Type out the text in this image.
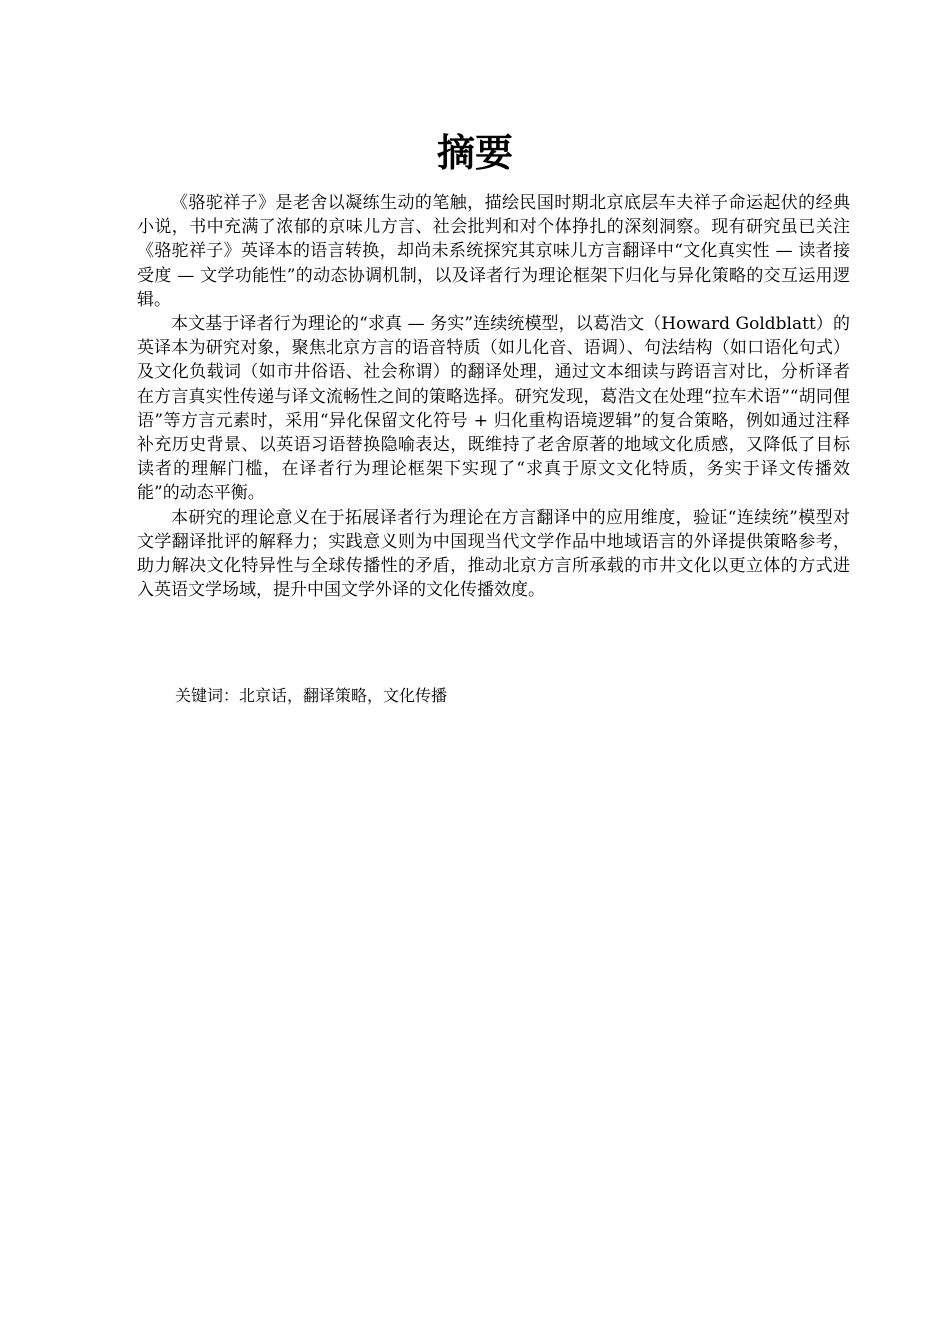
摘要

《骆驼祥子》是老舍以凝练生动的笔触，描绘民国时期北京底层车夫祥子命运起伏的经典小说，书中充满了浓郁的京味儿方言、社会批判和对个体挣扎的深刻洞察。现有研究虽已关注《骆驼祥子》英译本的语言转换，却尚未系统探究其京味儿方言翻译中“文化真实性 — 读者接受度 — 文学功能性”的动态协调机制，以及译者行为理论框架下归化与异化策略的交互运用逻辑。

本文基于译者行为理论的“求真 — 务实”连续统模型，以葛浩文（Howard Goldblatt）的英译本为研究对象，聚焦北京方言的语音特质（如儿化音、语调）、句法结构（如口语化句式）及文化负载词（如市井俗语、社会称谓）的翻译处理，通过文本细读与跨语言对比，分析译者在方言真实性传递与译文流畅性之间的策略选择。研究发现，葛浩文在处理“拉车术语”“胡同俚语”等方言元素时，采用“异化保留文化符号 + 归化重构语境逻辑”的复合策略，例如通过注释补充历史背景、以英语习语替换隐喻表达，既维持了老舍原著的地域文化质感，又降低了目标读者的理解门槛，在译者行为理论框架下实现了“求真于原文文化特质，务实于译文传播效能”的动态平衡。

本研究的理论意义在于拓展译者行为理论在方言翻译中的应用维度，验证“连续统”模型对文学翻译批评的解释力；实践意义则为中国现当代文学作品中地域语言的外译提供策略参考，助力解决文化特异性与全球传播性的矛盾，推动北京方言所承载的市井文化以更立体的方式进入英语文学场域，提升中国文学外译的文化传播效度。

关键词：北京话，翻译策略，文化传播
